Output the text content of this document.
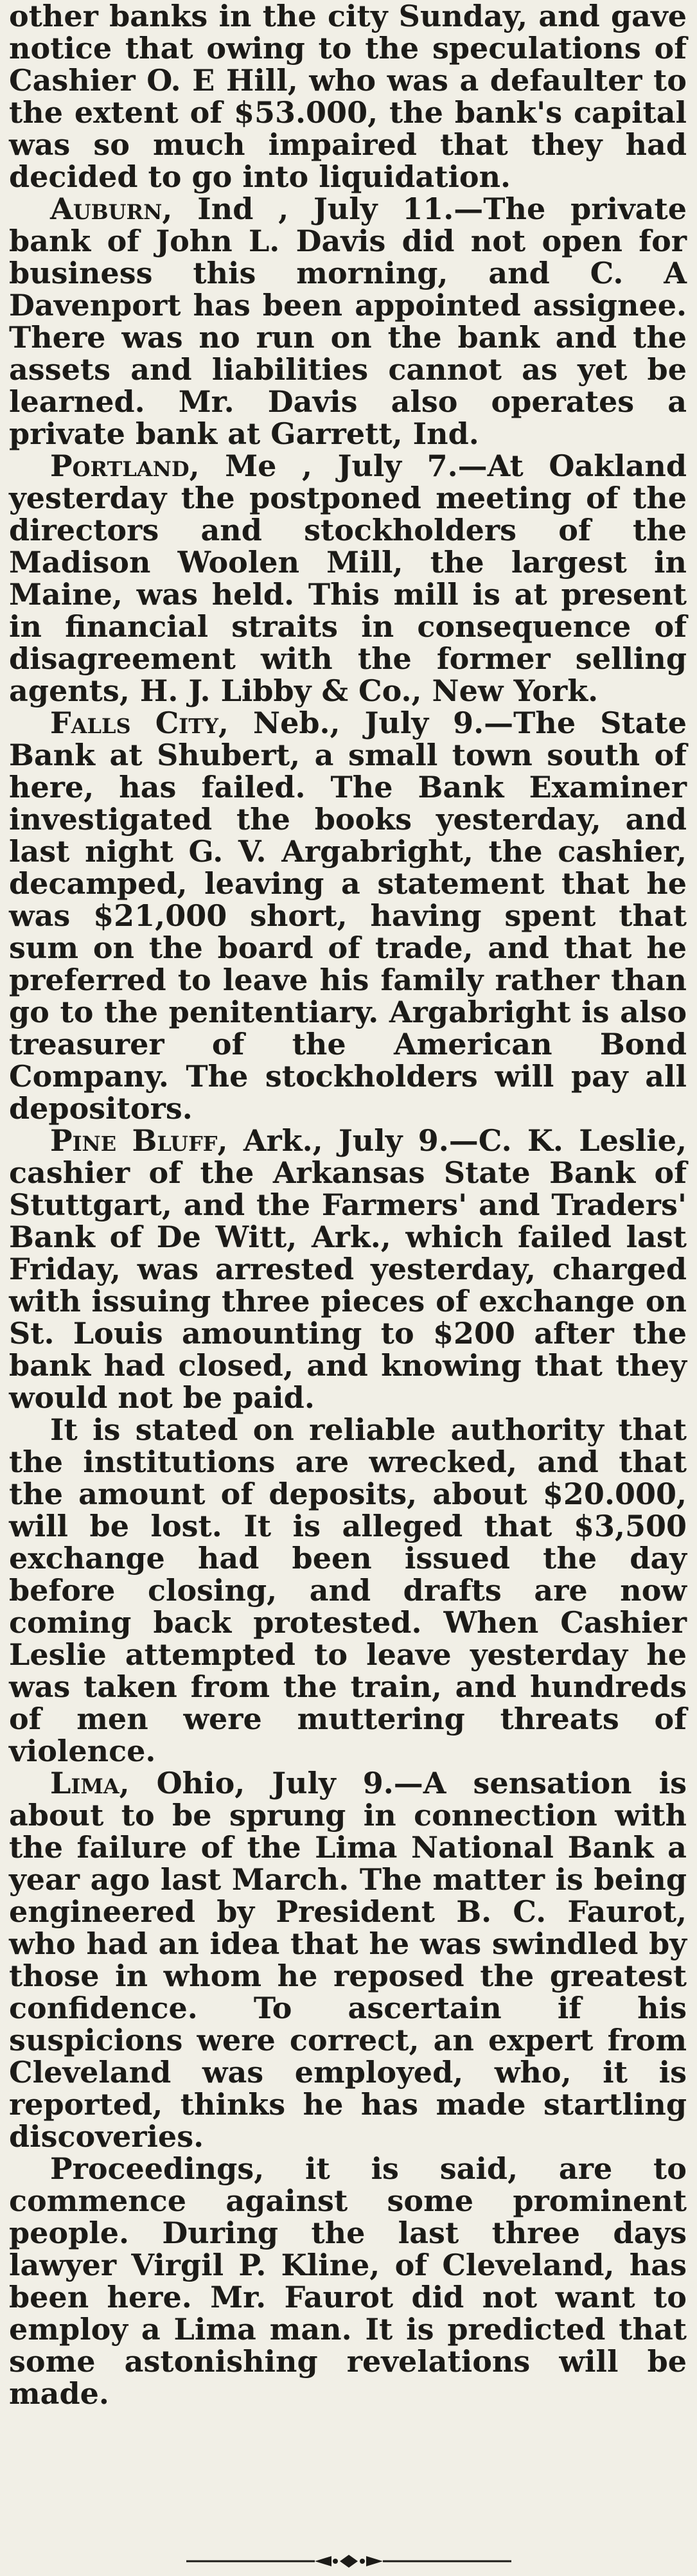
other banks in the city Sunday, and gave notice that owing to the speculations of Cashier O. E Hill, who was a defaulter to the extent of $53.000, the bank's capital was so much impaired that they had decided to go into liquidation.

Auburn, Ind , July 11.—The private bank of John L. Davis did not open for business this morning, and C. A Davenport has been appointed assignee. There was no run on the bank and the assets and liabilities cannot as yet be learned. Mr. Davis also operates a private bank at Garrett, Ind.

Portland, Me , July 7.—At Oakland yesterday the postponed meeting of the directors and stockholders of the Madison Woolen Mill, the largest in Maine, was held. This mill is at present in financial straits in consequence of disagreement with the former selling agents, H. J. Libby & Co., New York.

Falls City, Neb., July 9.—The State Bank at Shubert, a small town south of here, has failed. The Bank Examiner investigated the books yesterday, and last night G. V. Argabright, the cashier, decamped, leaving a statement that he was $21,000 short, having spent that sum on the board of trade, and that he preferred to leave his family rather than go to the penitentiary. Argabright is also treasurer of the American Bond Company. The stockholders will pay all depositors.

Pine Bluff, Ark., July 9.—C. K. Leslie, cashier of the Arkansas State Bank of Stuttgart, and the Farmers' and Traders' Bank of De Witt, Ark., which failed last Friday, was arrested yesterday, charged with issuing three pieces of exchange on St. Louis amounting to $200 after the bank had closed, and knowing that they would not be paid.

It is stated on reliable authority that the institutions are wrecked, and that the amount of deposits, about $20.000, will be lost. It is alleged that $3,500 exchange had been issued the day before closing, and drafts are now coming back protested. When Cashier Leslie attempted to leave yesterday he was taken from the train, and hundreds of men were muttering threats of violence.

Lima, Ohio, July 9.—A sensation is about to be sprung in connection with the failure of the Lima National Bank a year ago last March. The matter is being engineered by President B. C. Faurot, who had an idea that he was swindled by those in whom he reposed the greatest confidence. To ascertain if his suspicions were correct, an expert from Cleveland was employed, who, it is reported, thinks he has made startling discoveries.

Proceedings, it is said, are to commence against some prominent people. During the last three days lawyer Virgil P. Kline, of Cleveland, has been here. Mr. Faurot did not want to employ a Lima man. It is predicted that some astonishing revelations will be made.
